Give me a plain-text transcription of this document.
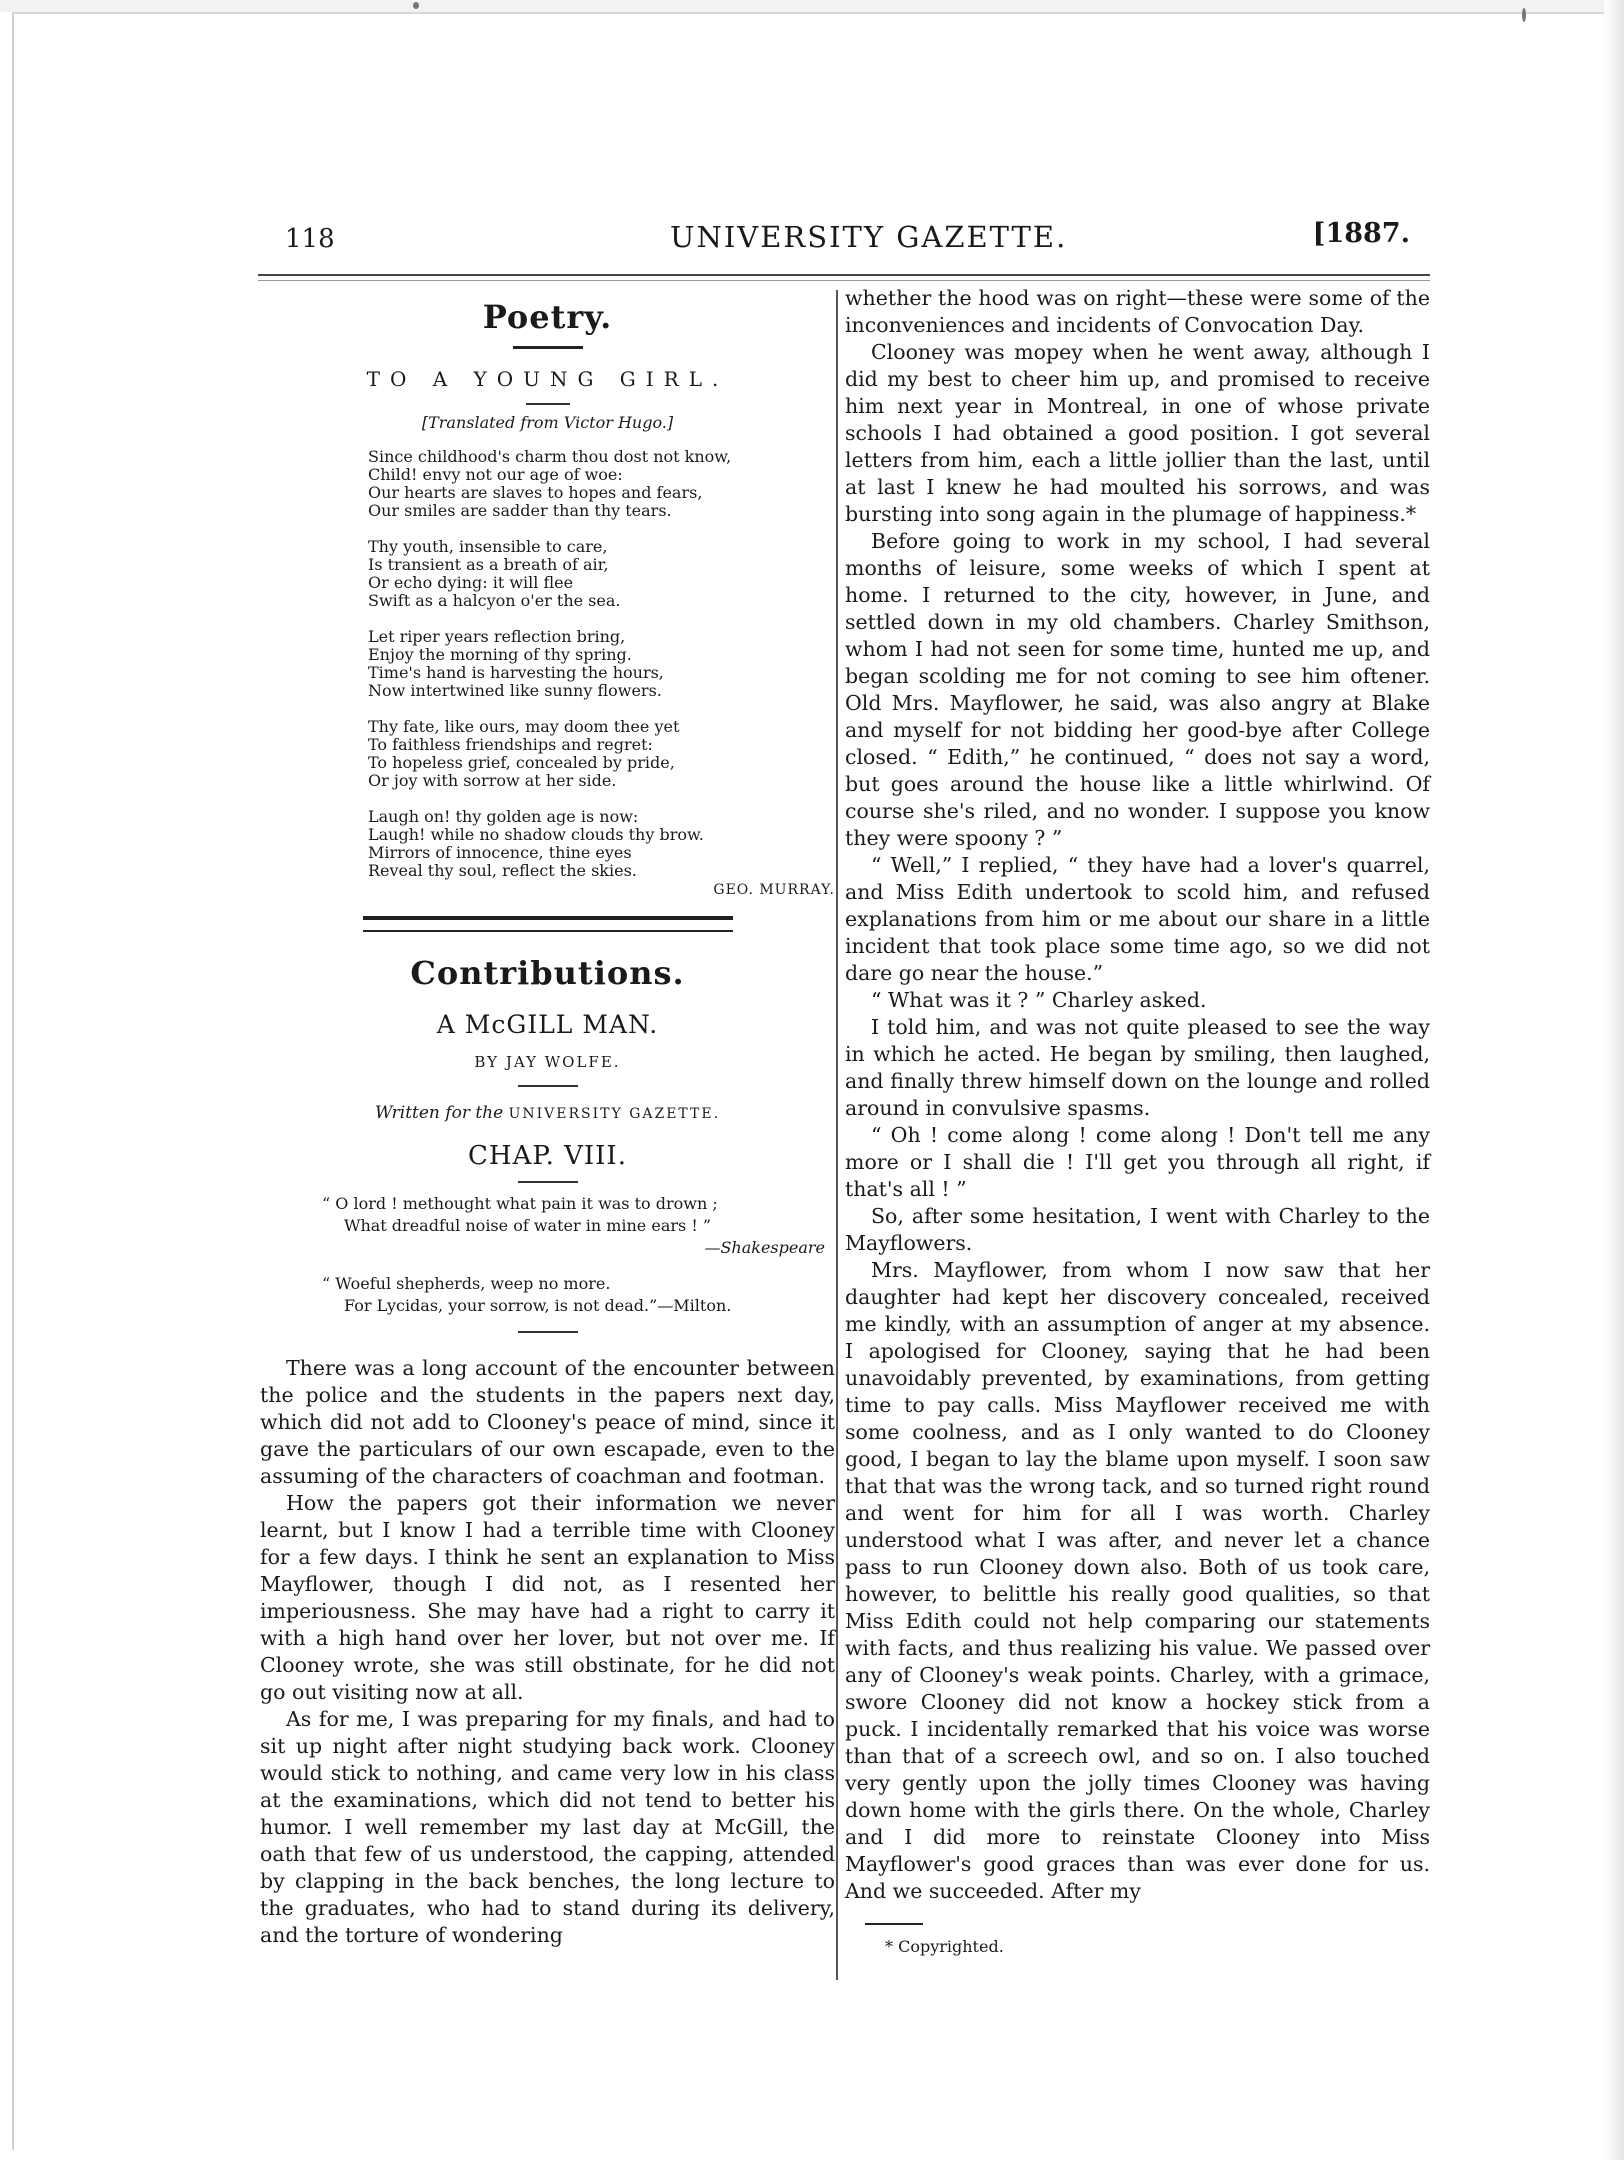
118	UNIVERSITY GAZETTE.	[1887.
Poetry.
TO A YOUNG GIRL.
[Translated from Victor Hugo.]
Since childhood's charm thou dost not know,
Child! envy not our age of woe:
Our hearts are slaves to hopes and fears,
Our smiles are sadder than thy tears.
Thy youth, insensible to care,
Is transient as a breath of air,
Or echo dying: it will flee
Swift as a halcyon o'er the sea.
Let riper years reflection bring,
Enjoy the morning of thy spring.
Time's hand is harvesting the hours,
Now intertwined like sunny flowers.
Thy fate, like ours, may doom thee yet
To faithless friendships and regret:
To hopeless grief, concealed by pride,
Or joy with sorrow at her side.
Laugh on! thy golden age is now:
Laugh! while no shadow clouds thy brow.
Mirrors of innocence, thine eyes
Reveal thy soul, reflect the skies.
GEO. MURRAY.
Contributions.
A McGILL MAN.
BY JAY WOLFE.
Written for the UNIVERSITY GAZETTE.
CHAP. VIII.
“ O lord ! methought what pain it was to drown ;
What dreadful noise of water in mine ears ! ”
—Shakespeare
“ Woeful shepherds, weep no more.
For Lycidas, your sorrow, is not dead.”—Milton.

There was a long account of the encounter between the police and the students in the papers next day, which did not add to Clooney's peace of mind, since it gave the particulars of our own escapade, even to the assuming of the characters of coachman and footman.

How the papers got their information we never learnt, but I know I had a terrible time with Clooney for a few days. I think he sent an explanation to Miss Mayflower, though I did not, as I resented her imperiousness. She may have had a right to carry it with a high hand over her lover, but not over me. If Clooney wrote, she was still obstinate, for he did not go out visiting now at all.

As for me, I was preparing for my finals, and had to sit up night after night studying back work. Clooney would stick to nothing, and came very low in his class at the examinations, which did not tend to better his humor. I well remember my last day at McGill, the oath that few of us understood, the capping, attended by clapping in the back benches, the long lecture to the graduates, who had to stand during its delivery, and the torture of wondering

whether the hood was on right—these were some of the inconveniences and incidents of Convocation Day.

Clooney was mopey when he went away, although I did my best to cheer him up, and promised to receive him next year in Montreal, in one of whose private schools I had obtained a good position. I got several letters from him, each a little jollier than the last, until at last I knew he had moulted his sorrows, and was bursting into song again in the plumage of happiness.*

Before going to work in my school, I had several months of leisure, some weeks of which I spent at home. I returned to the city, however, in June, and settled down in my old chambers. Charley Smithson, whom I had not seen for some time, hunted me up, and began scolding me for not coming to see him oftener. Old Mrs. Mayflower, he said, was also angry at Blake and myself for not bidding her good-bye after College closed. “ Edith,” he continued, “ does not say a word, but goes around the house like a little whirlwind. Of course she's riled, and no wonder. I suppose you know they were spoony ? ”

“ Well,” I replied, “ they have had a lover's quarrel, and Miss Edith undertook to scold him, and refused explanations from him or me about our share in a little incident that took place some time ago, so we did not dare go near the house.”

“ What was it ? ” Charley asked.

I told him, and was not quite pleased to see the way in which he acted. He began by smiling, then laughed, and finally threw himself down on the lounge and rolled around in convulsive spasms.

“ Oh ! come along ! come along ! Don't tell me any more or I shall die ! I'll get you through all right, if that's all ! ”

So, after some hesitation, I went with Charley to the Mayflowers.

Mrs. Mayflower, from whom I now saw that her daughter had kept her discovery concealed, received me kindly, with an assumption of anger at my absence. I apologised for Clooney, saying that he had been unavoidably prevented, by examinations, from getting time to pay calls. Miss Mayflower received me with some coolness, and as I only wanted to do Clooney good, I began to lay the blame upon myself. I soon saw that that was the wrong tack, and so turned right round and went for him for all I was worth. Charley understood what I was after, and never let a chance pass to run Clooney down also. Both of us took care, however, to belittle his really good qualities, so that Miss Edith could not help comparing our statements with facts, and thus realizing his value. We passed over any of Clooney's weak points. Charley, with a grimace, swore Clooney did not know a hockey stick from a puck. I incidentally remarked that his voice was worse than that of a screech owl, and so on. I also touched very gently upon the jolly times Clooney was having down home with the girls there. On the whole, Charley and I did more to reinstate Clooney into Miss Mayflower's good graces than was ever done for us. And we succeeded. After my

* Copyrighted.
